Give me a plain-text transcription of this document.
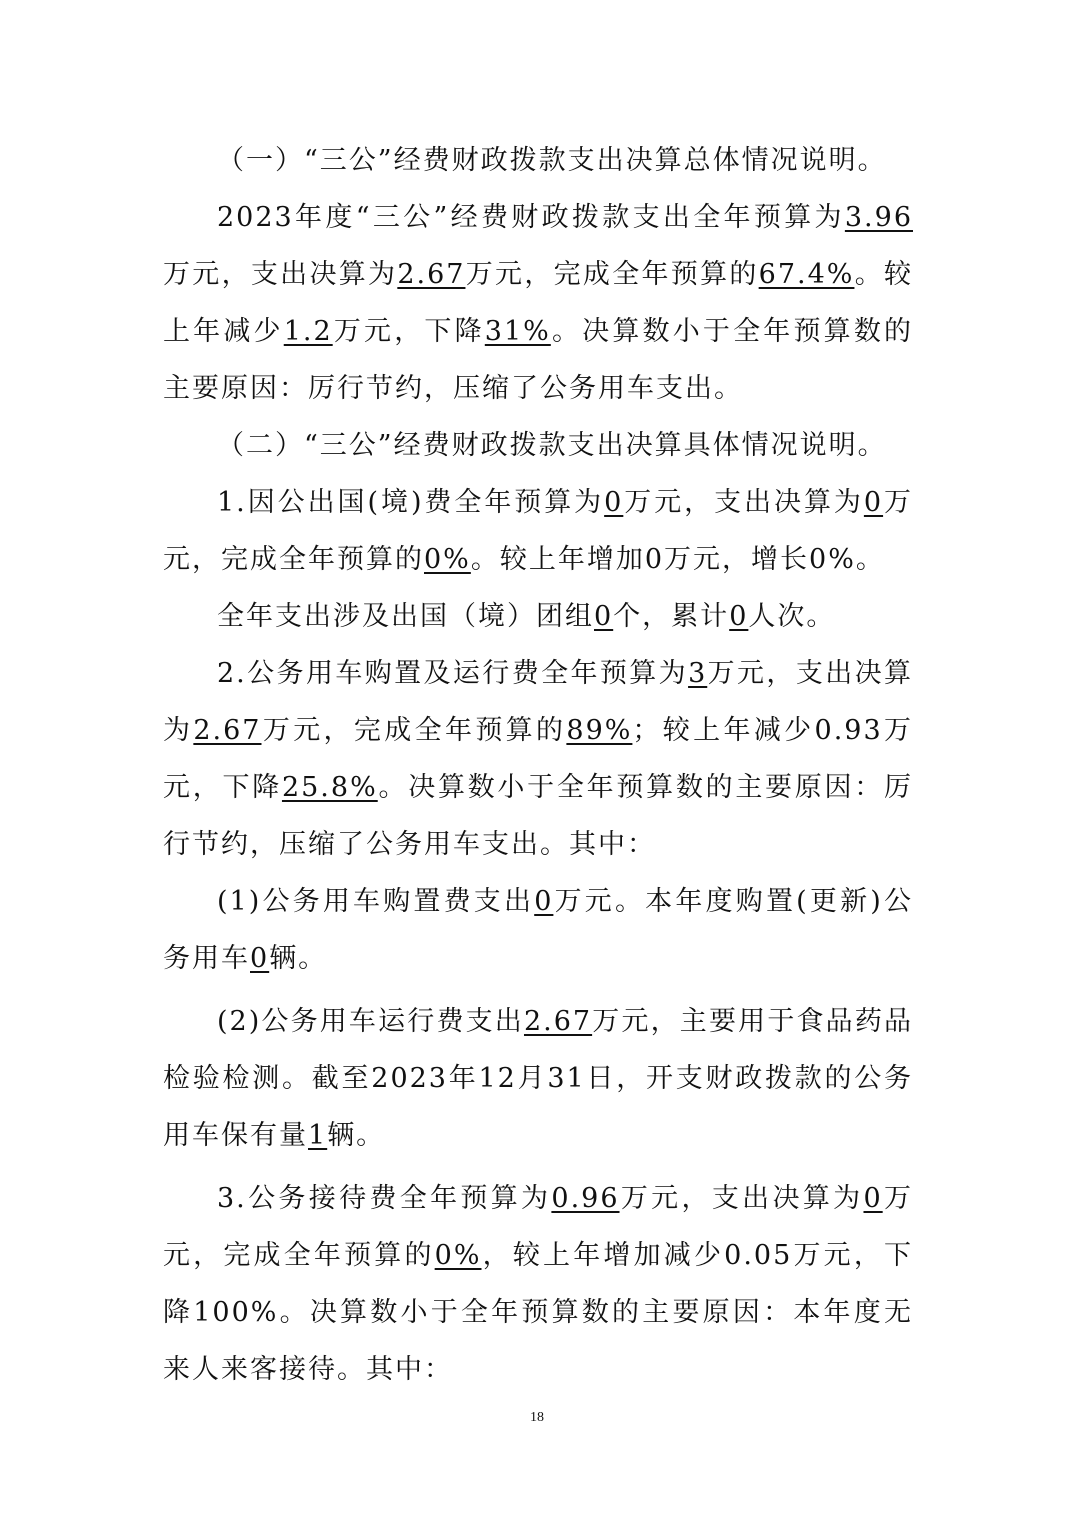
（一）“三公”经费财政拨款支出决算总体情况说明。

2023年度“三公”经费财政拨款支出全年预算为3.96万元，支出决算为2.67万元，完成全年预算的67.4%。较上年减少1.2万元，下降31%。决算数小于全年预算数的主要原因：厉行节约，压缩了公务用车支出。

（二）“三公”经费财政拨款支出决算具体情况说明。

1.因公出国(境)费全年预算为0万元，支出决算为0万元，完成全年预算的0%。较上年增加0万元，增长0%。

全年支出涉及出国（境）团组0个，累计0人次。

2.公务用车购置及运行费全年预算为3万元，支出决算为2.67万元，完成全年预算的89%；较上年减少0.93万元，下降25.8%。决算数小于全年预算数的主要原因：厉行节约，压缩了公务用车支出。其中：

(1)公务用车购置费支出0万元。本年度购置(更新)公务用车0辆。

(2)公务用车运行费支出2.67万元，主要用于食品药品检验检测。截至2023年12月31日，开支财政拨款的公务用车保有量1辆。

3.公务接待费全年预算为0.96万元，支出决算为0万元，完成全年预算的0%，较上年增加减少0.05万元，下降100%。决算数小于全年预算数的主要原因：本年度无来人来客接待。其中：

18
